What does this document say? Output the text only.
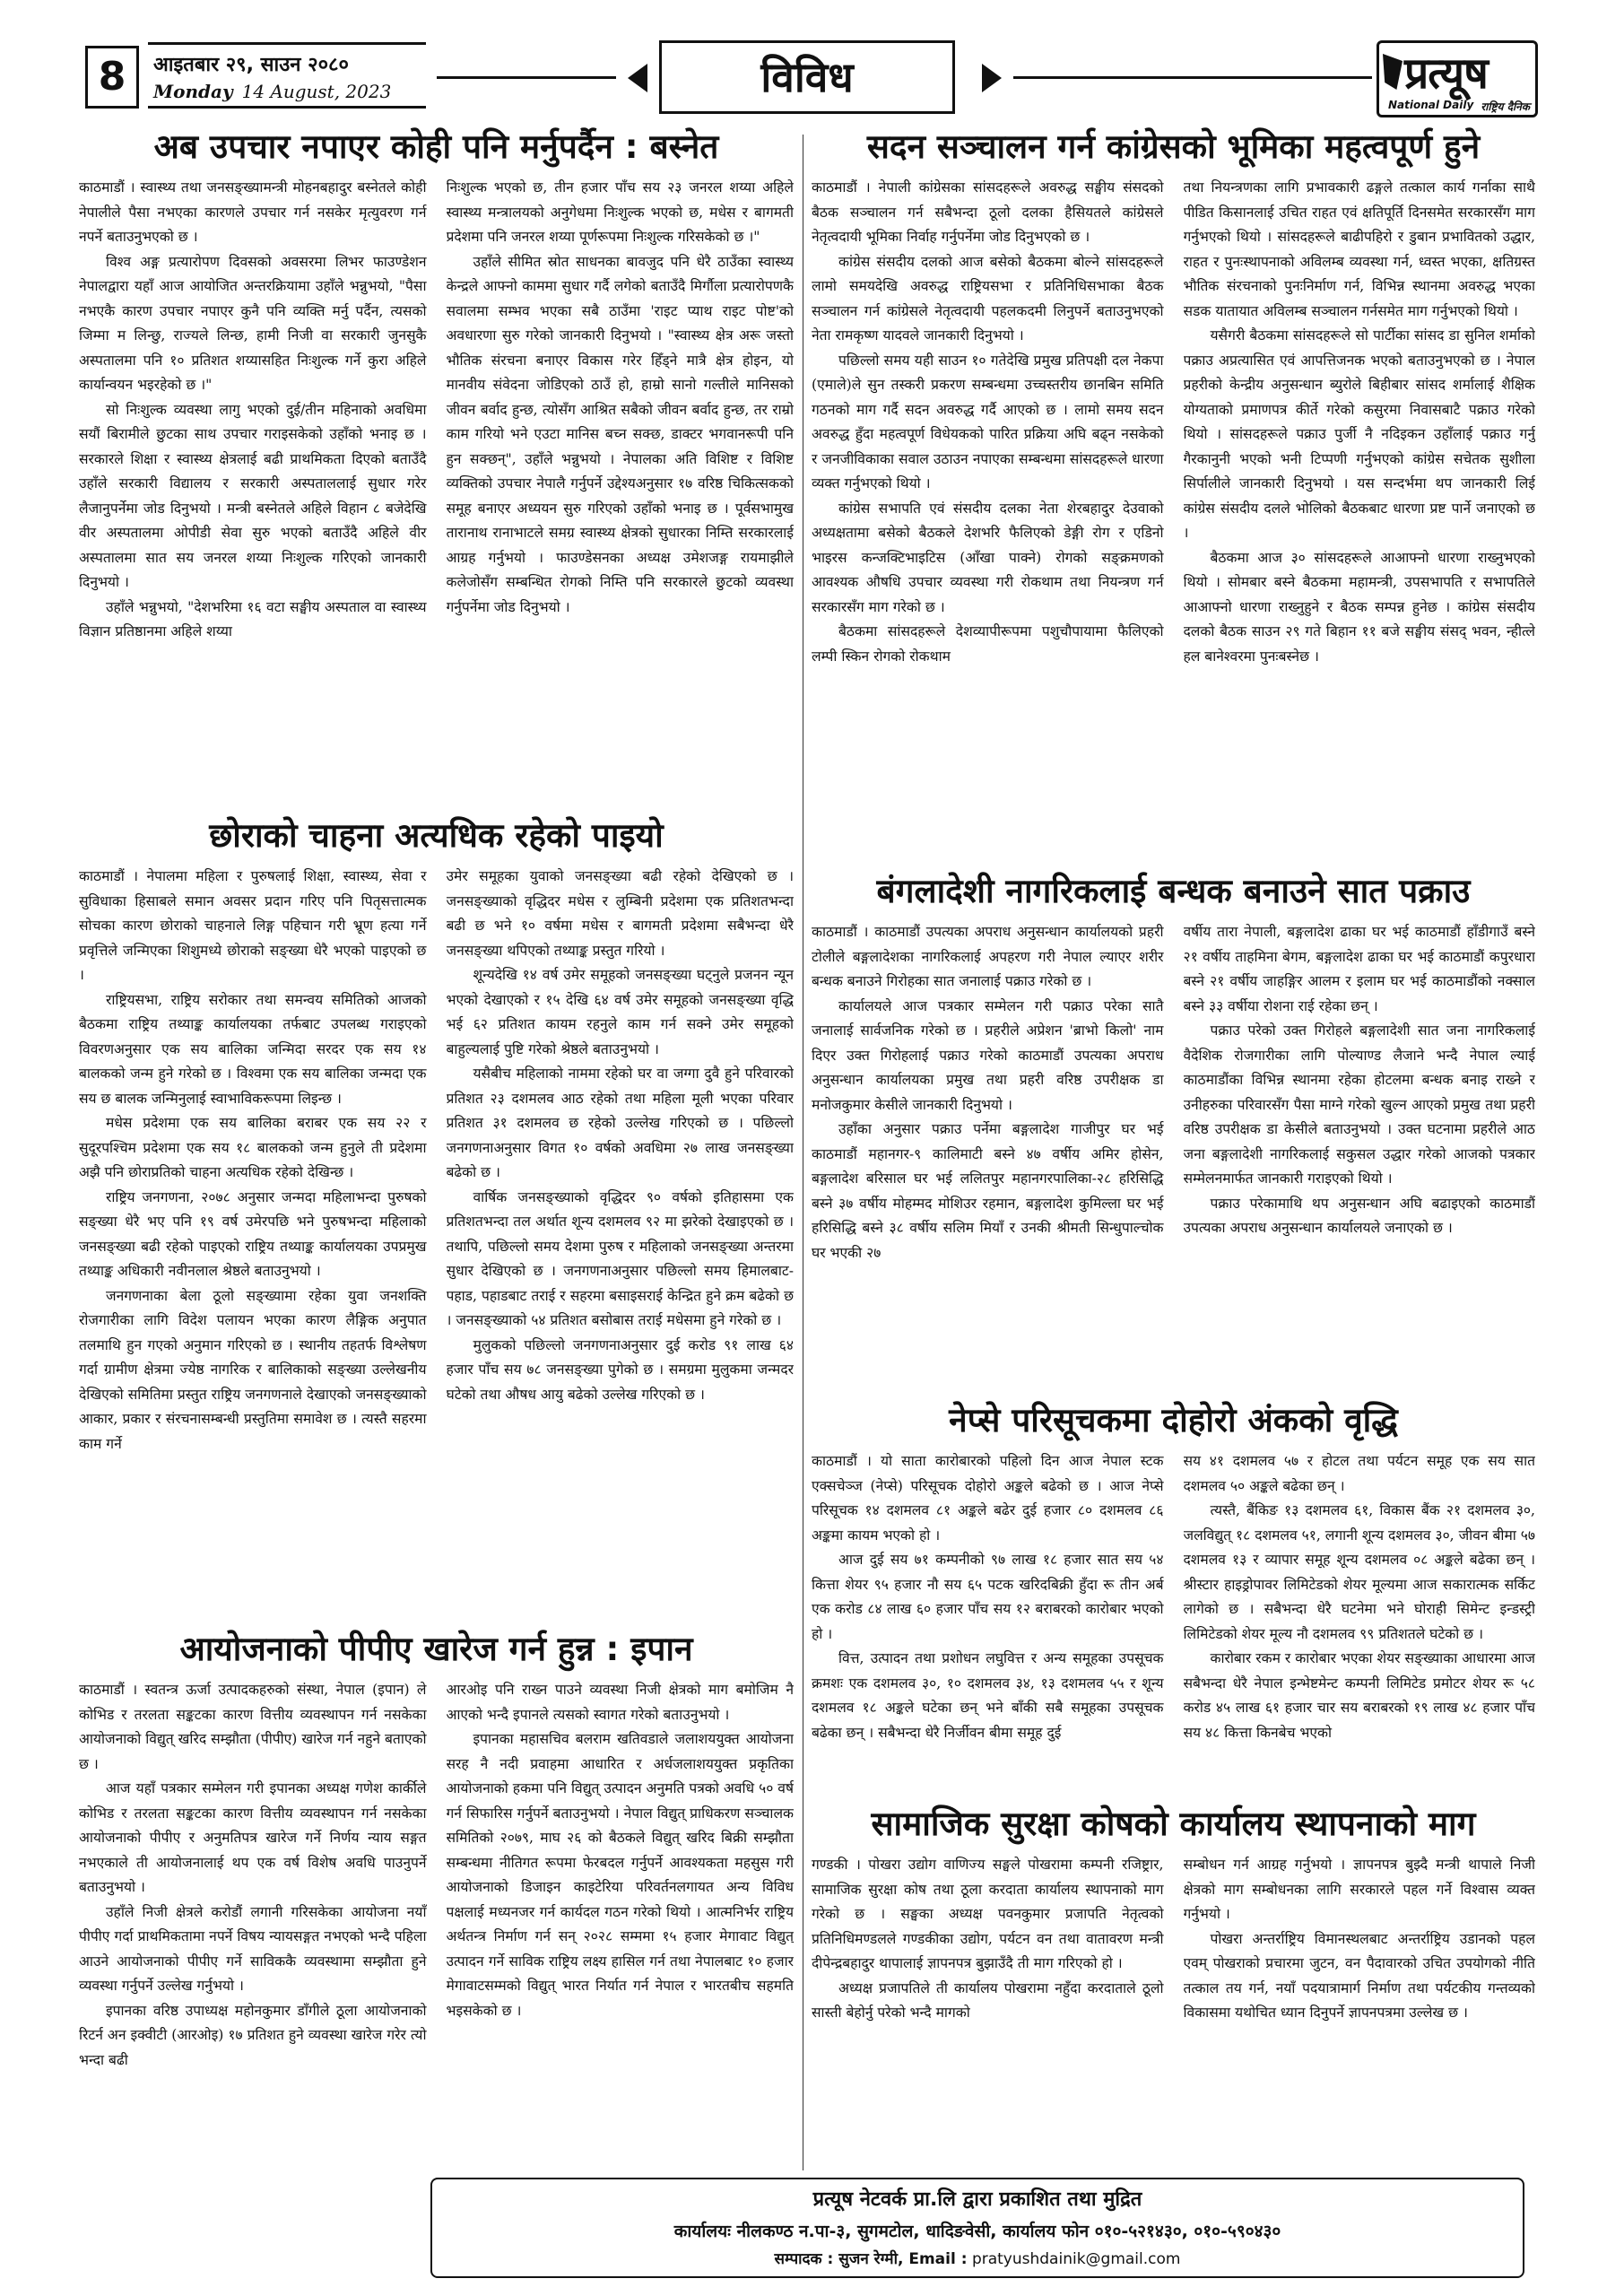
8	आइतबार २९, साउन २०८०
Monday 14 August, 2023	विविध	प्रत्यूष
National Daily राष्ट्रिय दैनिक
अब उपचार नपाएर कोही पनि मर्नुपर्दैन : बस्नेत

काठमाडौं । स्वास्थ्य तथा जनसङ्ख्यामन्त्री मोहनबहादुर बस्नेतले कोही नेपालीले पैसा नभएका कारणले उपचार गर्न नसकेर मृत्युवरण गर्न नपर्ने बताउनुभएको छ ।

विश्व अङ्ग प्रत्यारोपण दिवसको अवसरमा लिभर फाउण्डेशन नेपालद्वारा यहाँ आज आयोजित अन्तरक्रियामा उहाँले भन्नुभयो, "पैसा नभएकै कारण उपचार नपाएर कुनै पनि व्यक्ति मर्नु पर्दैन, त्यसको जिम्मा म लिन्छु, राज्यले लिन्छ, हामी निजी वा सरकारी जुनसुकै अस्पतालमा पनि १० प्रतिशत शय्यासहित निःशुल्क गर्ने कुरा अहिले कार्यान्वयन भइरहेको छ ।"

सो निःशुल्क व्यवस्था लागु भएको दुई/तीन महिनाको अवधिमा सयौं बिरामीले छुटका साथ उपचार गराइसकेको उहाँको भनाइ छ । सरकारले शिक्षा र स्वास्थ्य क्षेत्रलाई बढी प्राथमिकता दिएको बताउँदै उहाँले सरकारी विद्यालय र सरकारी अस्पताललाई सुधार गरेर लैजानुपर्नेमा जोड दिनुभयो । मन्त्री बस्नेतले अहिले विहान ८ बजेदेखि वीर अस्पतालमा ओपीडी सेवा सुरु भएको बताउँदै अहिले वीर अस्पतालमा सात सय जनरल शय्या निःशुल्क गरिएको जानकारी दिनुभयो ।

उहाँले भन्नुभयो, "देशभरिमा १६ वटा सङ्घीय अस्पताल वा स्वास्थ्य विज्ञान प्रतिष्ठानमा अहिले शय्या

निःशुल्क भएको छ, तीन हजार पाँच सय २३ जनरल शय्या अहिले स्वास्थ्य मन्त्रालयको अनुगेधमा निःशुल्क भएको छ, मधेस र बागमती प्रदेशमा पनि जनरल शय्या पूर्णरूपमा निःशुल्क गरिसकेको छ ।"

उहाँले सीमित स्रोत साधनका बावजुद पनि धेरै ठाउँका स्वास्थ्य केन्द्रले आफ्नो काममा सुधार गर्दै लगेको बताउँदै मिर्गौला प्रत्यारोपणकै सवालमा सम्भव भएका सबै ठाउँमा 'राइट प्याथ राइट पोष्ट'को अवधारणा सुरु गरेको जानकारी दिनुभयो । "स्वास्थ्य क्षेत्र अरू जस्तो भौतिक संरचना बनाएर विकास गरेर हिँड्ने मात्रै क्षेत्र होइन, यो मानवीय संवेदना जोडिएको ठाउँ हो, हाम्रो सानो गल्तीले मानिसको जीवन बर्वाद हुन्छ, त्योसँग आश्रित सबैको जीवन बर्वाद हुन्छ, तर राम्रो काम गरियो भने एउटा मानिस बच्न सक्छ, डाक्टर भगवानरूपी पनि हुन सक्छन्", उहाँले भन्नुभयो । नेपालका अति विशिष्ट र विशिष्ट व्यक्तिको उपचार नेपालै गर्नुपर्ने उद्देश्यअनुसार १७ वरिष्ठ चिकित्सकको समूह बनाएर अध्ययन सुरु गरिएको उहाँको भनाइ छ । पूर्वसभामुख तारानाथ रानाभाटले समग्र स्वास्थ्य क्षेत्रको सुधारका निम्ति सरकारलाई आग्रह गर्नुभयो । फाउण्डेसनका अध्यक्ष उमेशजङ्ग रायमाझीले कलेजोसँग सम्बन्धित रोगको निम्ति पनि सरकारले छुटको व्यवस्था गर्नुपर्नेमा जोड दिनुभयो ।

छोराको चाहना अत्यधिक रहेको पाइयो

काठमाडौं । नेपालमा महिला र पुरुषलाई शिक्षा, स्वास्थ्य, सेवा र सुविधाका हिसाबले समान अवसर प्रदान गरिए पनि पितृसत्तात्मक सोचका कारण छोराको चाहनाले लिङ्ग पहिचान गरी भ्रूण हत्या गर्ने प्रवृत्तिले जन्मिएका शिशुमध्ये छोराको सङ्ख्या धेरै भएको पाइएको छ ।

राष्ट्रियसभा, राष्ट्रिय सरोकार तथा समन्वय समितिको आजको बैठकमा राष्ट्रिय तथ्याङ्क कार्यालयका तर्फबाट उपलब्ध गराइएको विवरणअनुसार एक सय बालिका जन्मिदा सरदर एक सय १४ बालकको जन्म हुने गरेको छ । विश्वमा एक सय बालिका जन्मदा एक सय छ बालक जन्मिनुलाई स्वाभाविकरूपमा लिइन्छ ।

मधेस प्रदेशमा एक सय बालिका बराबर एक सय २२ र सुदूरपश्चिम प्रदेशमा एक सय १८ बालकको जन्म हुनुले ती प्रदेशमा अझै पनि छोराप्रतिको चाहना अत्यधिक रहेको देखिन्छ ।

राष्ट्रिय जनगणना, २०७८ अनुसार जन्मदा महिलाभन्दा पुरुषको सङ्ख्या धेरै भए पनि १९ वर्ष उमेरपछि भने पुरुषभन्दा महिलाको जनसङ्ख्या बढी रहेको पाइएको राष्ट्रिय तथ्याङ्क कार्यालयका उपप्रमुख तथ्याङ्क अधिकारी नवीनलाल श्रेष्ठले बताउनुभयो ।

जनगणनाका बेला ठूलो सङ्ख्यामा रहेका युवा जनशक्ति रोजगारीका लागि विदेश पलायन भएका कारण लैङ्गिक अनुपात तलमाथि हुन गएको अनुमान गरिएको छ । स्थानीय तहतर्फ विश्लेषण गर्दा ग्रामीण क्षेत्रमा ज्येष्ठ नागरिक र बालिकाको सङ्ख्या उल्लेखनीय देखिएको समितिमा प्रस्तुत राष्ट्रिय जनगणनाले देखाएको जनसङ्ख्याको आकार, प्रकार र संरचनासम्बन्धी प्रस्तुतिमा समावेश छ । त्यस्तै सहरमा काम गर्ने

उमेर समूहका युवाको जनसङ्ख्या बढी रहेको देखिएको छ । जनसङ्ख्याको वृद्धिदर मधेस र लुम्बिनी प्रदेशमा एक प्रतिशतभन्दा बढी छ भने १० वर्षमा मधेस र बागमती प्रदेशमा सबैभन्दा धेरै जनसङ्ख्या थपिएको तथ्याङ्क प्रस्तुत गरियो ।

शून्यदेखि १४ वर्ष उमेर समूहको जनसङ्ख्या घट्नुले प्रजनन न्यून भएको देखाएको र १५ देखि ६४ वर्ष उमेर समूहको जनसङ्ख्या वृद्धि भई ६२ प्रतिशत कायम रहनुले काम गर्न सक्ने उमेर समूहको बाहुल्यलाई पुष्टि गरेको श्रेष्ठले बताउनुभयो ।

यसैबीच महिलाको नाममा रहेको घर वा जग्गा दुवै हुने परिवारको प्रतिशत २३ दशमलव आठ रहेको तथा महिला मूली भएका परिवार प्रतिशत ३१ दशमलव छ रहेको उल्लेख गरिएको छ । पछिल्लो जनगणनाअनुसार विगत १० वर्षको अवधिमा २७ लाख जनसङ्ख्या बढेको छ ।

वार्षिक जनसङ्ख्याको वृद्धिदर ९० वर्षको इतिहासमा एक प्रतिशतभन्दा तल अर्थात शून्य दशमलव ९२ मा झरेको देखाइएको छ । तथापि, पछिल्लो समय देशमा पुरुष र महिलाको जनसङ्ख्या अन्तरमा सुधार देखिएको छ । जनगणनाअनुसार पछिल्लो समय हिमालबाट-पहाड, पहाडबाट तराई र सहरमा बसाइसराई केन्द्रित हुने क्रम बढेको छ । जनसङ्ख्याको ५४ प्रतिशत बसोबास तराई मधेसमा हुने गरेको छ ।

मुलुकको पछिल्लो जनगणनाअनुसार दुई करोड ९१ लाख ६४ हजार पाँच सय ७८ जनसङ्ख्या पुगेको छ । समग्रमा मुलुकमा जन्मदर घटेको तथा औषध आयु बढेको उल्लेख गरिएको छ ।

आयोजनाको पीपीए खारेज गर्न हुन्न : इपान

काठमाडौं । स्वतन्त्र ऊर्जा उत्पादकहरुको संस्था, नेपाल (इपान) ले कोभिड र तरलता सङ्कटका कारण वित्तीय व्यवस्थापन गर्न नसकेका आयोजनाको विद्युत् खरिद सम्झौता (पीपीए) खारेज गर्न नहुने बताएको छ ।

आज यहाँ पत्रकार सम्मेलन गरी इपानका अध्यक्ष गणेश कार्कीले कोभिड र तरलता सङ्कटका कारण वित्तीय व्यवस्थापन गर्न नसकेका आयोजनाको पीपीए र अनुमतिपत्र खारेज गर्ने निर्णय न्याय सङ्गत नभएकाले ती आयोजनालाई थप एक वर्ष विशेष अवधि पाउनुपर्ने बताउनुभयो ।

उहाँले निजी क्षेत्रले करोडौं लगानी गरिसकेका आयोजना नयाँ पीपीए गर्दा प्राथमिकतामा नपर्ने विषय न्यायसङ्गत नभएको भन्दै पहिला आउने आयोजनाको पीपीए गर्ने साविककै व्यवस्थामा सम्झौता हुने व्यवस्था गर्नुपर्ने उल्लेख गर्नुभयो ।

इपानका वरिष्ठ उपाध्यक्ष महोनकुमार डाँगीले ठूला आयोजनाको रिटर्न अन इक्वीटी (आरओइ) १७ प्रतिशत हुने व्यवस्था खारेज गरेर त्यो भन्दा बढी

आरओइ पनि राख्न पाउने व्यवस्था निजी क्षेत्रको माग बमोजिम नै आएको भन्दै इपानले त्यसको स्वागत गरेको बताउनुभयो ।

इपानका महासचिव बलराम खतिवडाले जलाशययुक्त आयोजना सरह नै नदी प्रवाहमा आधारित र अर्धजलाशययुक्त प्रकृतिका आयोजनाको हकमा पनि विद्युत् उत्पादन अनुमति पत्रको अवधि ५० वर्ष गर्न सिफारिस गर्नुपर्ने बताउनुभयो । नेपाल विद्युत् प्राधिकरण सञ्चालक समितिको २०७९, माघ २६ को बैठकले विद्युत् खरिद बिक्री सम्झौता सम्बन्धमा नीतिगत रूपमा फेरबदल गर्नुपर्ने आवश्यकता महसुस गरी आयोजनाको डिजाइन काइटेरिया परिवर्तनलगायत अन्य विविध पक्षलाई मध्यनजर गर्न कार्यदल गठन गरेको थियो । आत्मनिर्भर राष्ट्रिय अर्थतन्त्र निर्माण गर्न सन् २०२८ सम्ममा १५ हजार मेगावाट विद्युत् उत्पादन गर्ने साविक राष्ट्रिय लक्ष्य हासिल गर्न तथा नेपालबाट १० हजार मेगावाटसम्मको विद्युत् भारत निर्यात गर्न नेपाल र भारतबीच सहमति भइसकेको छ ।

सदन सञ्चालन गर्न कांग्रेसको भूमिका महत्वपूर्ण हुने

काठमाडौं । नेपाली कांग्रेसका सांसदहरूले अवरुद्ध सङ्घीय संसदको बैठक सञ्चालन गर्न सबैभन्दा ठूलो दलका हैसियतले कांग्रेसले नेतृत्वदायी भूमिका निर्वाह गर्नुपर्नेमा जोड दिनुभएको छ ।

कांग्रेस संसदीय दलको आज बसेको बैठकमा बोल्ने सांसदहरूले लामो समयदेखि अवरुद्ध राष्ट्रियसभा र प्रतिनिधिसभाका बैठक सञ्चालन गर्न कांग्रेसले नेतृत्वदायी पहलकदमी लिनुपर्ने बताउनुभएको नेता रामकृष्ण यादवले जानकारी दिनुभयो ।

पछिल्लो समय यही साउन १० गतेदेखि प्रमुख प्रतिपक्षी दल नेकपा (एमाले)ले सुन तस्करी प्रकरण सम्बन्धमा उच्चस्तरीय छानबिन समिति गठनको माग गर्दै सदन अवरुद्ध गर्दै आएको छ । लामो समय सदन अवरुद्ध हुँदा महत्वपूर्ण विधेयकको पारित प्रक्रिया अघि बढ्न नसकेको र जनजीविकाका सवाल उठाउन नपाएका सम्बन्धमा सांसदहरूले धारणा व्यक्त गर्नुभएको थियो ।

कांग्रेस सभापति एवं संसदीय दलका नेता शेरबहादुर देउवाको अध्यक्षतामा बसेको बैठकले देशभरि फैलिएको डेङ्गी रोग र एडिनो भाइरस कन्जक्टिभाइटिस (आँखा पाक्ने) रोगको सङ्क्रमणको आवश्यक औषधि उपचार व्यवस्था गरी रोकथाम तथा नियन्त्रण गर्न सरकारसँग माग गरेको छ ।

बैठकमा सांसदहरूले देशव्यापीरूपमा पशुचौपायामा फैलिएको लम्पी स्किन रोगको रोकथाम

तथा नियन्त्रणका लागि प्रभावकारी ढङ्गले तत्काल कार्य गर्नाका साथै पीडित किसानलाई उचित राहत एवं क्षतिपूर्ति दिनसमेत सरकारसँग माग गर्नुभएको थियो । सांसदहरूले बाढीपहिरो र डुबान प्रभावितको उद्धार, राहत र पुनःस्थापनाको अविलम्ब व्यवस्था गर्न, ध्वस्त भएका, क्षतिग्रस्त भौतिक संरचनाको पुनःनिर्माण गर्न, विभिन्न स्थानमा अवरुद्ध भएका सडक यातायात अविलम्ब सञ्चालन गर्नसमेत माग गर्नुभएको थियो ।

यसैगरी बैठकमा सांसदहरूले सो पार्टीका सांसद डा सुनिल शर्माको पक्राउ अप्रत्यासित एवं आपत्तिजनक भएको बताउनुभएको छ । नेपाल प्रहरीको केन्द्रीय अनुसन्धान ब्युरोले बिहीबार सांसद शर्मालाई शैक्षिक योग्यताको प्रमाणपत्र कीर्ते गरेको कसुरमा निवासबाटै पक्राउ गरेको थियो । सांसदहरूले पक्राउ पुर्जी नै नदिइकन उहाँलाई पक्राउ गर्नु गैरकानुनी भएको भनी टिप्पणी गर्नुभएको कांग्रेस सचेतक सुशीला सिर्पालीले जानकारी दिनुभयो । यस सन्दर्भमा थप जानकारी लिई कांग्रेस संसदीय दलले भोलिको बैठकबाट धारणा प्रष्ट पार्ने जनाएको छ ।

बैठकमा आज ३० सांसदहरूले आआफ्नो धारणा राख्नुभएको थियो । सोमबार बस्ने बैठकमा महामन्त्री, उपसभापति र सभापतिले आआफ्नो धारणा राख्नुहुने र बैठक सम्पन्न हुनेछ । कांग्रेस संसदीय दलको बैठक साउन २९ गते बिहान ११ बजे सङ्घीय संसद् भवन, न्हीत्ले हल बानेश्वरमा पुनःबस्नेछ ।

बंगलादेशी नागरिकलाई बन्धक बनाउने सात पक्राउ

काठमाडौं । काठमाडौं उपत्यका अपराध अनुसन्धान कार्यालयको प्रहरी टोलीले बङ्गलादेशका नागरिकलाई अपहरण गरी नेपाल ल्याएर शरीर बन्धक बनाउने गिरोहका सात जनालाई पक्राउ गरेको छ ।

कार्यालयले आज पत्रकार सम्मेलन गरी पक्राउ परेका सातै जनालाई सार्वजनिक गरेको छ । प्रहरीले अप्रेशन 'ब्राभो किलो' नाम दिएर उक्त गिरोहलाई पक्राउ गरेको काठमाडौं उपत्यका अपराध अनुसन्धान कार्यालयका प्रमुख तथा प्रहरी वरिष्ठ उपरीक्षक डा मनोजकुमार केसीले जानकारी दिनुभयो ।

उहाँका अनुसार पक्राउ पर्नेमा बङ्गलादेश गाजीपुर घर भई काठमाडौं महानगर-९ कालिमाटी बस्ने ४७ वर्षीय अमिर होसेन, बङ्गलादेश बरिसाल घर भई ललितपुर महानगरपालिका-२८ हरिसिद्धि बस्ने ३७ वर्षीय मोहम्मद मोशिउर रहमान, बङ्गलादेश कुमिल्ला घर भई हरिसिद्धि बस्ने ३८ वर्षीय सलिम मियाँ र उनकी श्रीमती सिन्धुपाल्चोक घर भएकी २७

वर्षीय तारा नेपाली, बङ्गलादेश ढाका घर भई काठमाडौं हाँडीगाउँ बस्ने २१ वर्षीय ताहमिना बेगम, बङ्गलादेश ढाका घर भई काठमाडौं कपुरधारा बस्ने २१ वर्षीय जाहङ्गिर आलम र इलाम घर भई काठमाडौंको नक्साल बस्ने ३३ वर्षीया रोशना राई रहेका छन् ।

पक्राउ परेको उक्त गिरोहले बङ्गलादेशी सात जना नागरिकलाई वैदेशिक रोजगारीका लागि पोल्याण्ड लैजाने भन्दै नेपाल ल्याई काठमाडौंका विभिन्न स्थानमा रहेका होटलमा बन्धक बनाइ राख्ने र उनीहरुका परिवारसँग पैसा माग्ने गरेको खुल्न आएको प्रमुख तथा प्रहरी वरिष्ठ उपरीक्षक डा केसीले बताउनुभयो । उक्त घटनामा प्रहरीले आठ जना बङ्गलादेशी नागरिकलाई सकुसल उद्धार गरेको आजको पत्रकार सम्मेलनमार्फत जानकारी गराइएको थियो ।

पक्राउ परेकामाथि थप अनुसन्धान अघि बढाइएको काठमाडौं उपत्यका अपराध अनुसन्धान कार्यालयले जनाएको छ ।

नेप्से परिसूचकमा दोहोरो अंकको वृद्धि

काठमाडौं । यो साता कारोबारको पहिलो दिन आज नेपाल स्टक एक्सचेञ्ज (नेप्से) परिसूचक दोहोरो अङ्कले बढेको छ । आज नेप्से परिसूचक १४ दशमलव ८१ अङ्कले बढेर दुई हजार ८० दशमलव ८६ अङ्कमा कायम भएको हो ।

आज दुई सय ७१ कम्पनीको ९७ लाख १८ हजार सात सय ५४ कित्ता शेयर ९५ हजार नौ सय ६५ पटक खरिदबिक्री हुँदा रू तीन अर्ब एक करोड ८४ लाख ६० हजार पाँच सय १२ बराबरको कारोबार भएको हो ।

वित्त, उत्पादन तथा प्रशोधन लघुवित्त र अन्य समूहका उपसूचक क्रमशः एक दशमलव ३०, १० दशमलव ३४, १३ दशमलव ५५ र शून्य दशमलव १८ अङ्कले घटेका छन् भने बाँकी सबै समूहका उपसूचक बढेका छन् । सबैभन्दा धेरै निर्जीवन बीमा समूह दुई

सय ४१ दशमलव ५७ र होटल तथा पर्यटन समूह एक सय सात दशमलव ५० अङ्कले बढेका छन् ।

त्यस्तै, बैंकिङ १३ दशमलव ६१, विकास बैंक २१ दशमलव ३०, जलविद्युत् १८ दशमलव ५१, लगानी शून्य दशमलव ३०, जीवन बीमा ५७ दशमलव १३ र व्यापार समूह शून्य दशमलव ०८ अङ्कले बढेका छन् । श्रीस्टार हाइड्रोपावर लिमिटेडको शेयर मूल्यमा आज सकारात्मक सर्किट लागेको छ । सबैभन्दा धेरै घटनेमा भने घोराही सिमेन्ट इन्डस्ट्री लिमिटेडको शेयर मूल्य नौ दशमलव ९९ प्रतिशतले घटेको छ ।

कारोबार रकम र कारोबार भएका शेयर सङ्ख्याका आधारमा आज सबैभन्दा धेरै नेपाल इन्भेष्टमेन्ट कम्पनी लिमिटेड प्रमोटर शेयर रू ५८ करोड ४५ लाख ६१ हजार चार सय बराबरको १९ लाख ४८ हजार पाँच सय ४८ कित्ता किनबेच भएको

सामाजिक सुरक्षा कोषको कार्यालय स्थापनाको माग

गण्डकी । पोखरा उद्योग वाणिज्य सङ्घले पोखरामा कम्पनी रजिष्ट्रार, सामाजिक सुरक्षा कोष तथा ठूला करदाता कार्यालय स्थापनाको माग गरेको छ । सङ्घका अध्यक्ष पवनकुमार प्रजापति नेतृत्वको प्रतिनिधिमण्डलले गण्डकीका उद्योग, पर्यटन वन तथा वातावरण मन्त्री दीपेन्द्रबहादुर थापालाई ज्ञापनपत्र बुझाउँदै ती माग गरिएको हो ।

अध्यक्ष प्रजापतिले ती कार्यालय पोखरामा नहुँदा करदाताले ठूलो सास्ती बेहोर्नु परेको भन्दै मागको

सम्बोधन गर्न आग्रह गर्नुभयो । ज्ञापनपत्र बुझ्दै मन्त्री थापाले निजी क्षेत्रको माग सम्बोधनका लागि सरकारले पहल गर्ने विश्वास व्यक्त गर्नुभयो ।

पोखरा अन्तर्राष्ट्रिय विमानस्थलबाट अन्तर्राष्ट्रिय उडानको पहल एवम् पोखराको प्रचारमा जुटन, वन पैदावारको उचित उपयोगको नीति तत्काल तय गर्न, नयाँ पदयात्रामार्ग निर्माण तथा पर्यटकीय गन्तव्यको विकासमा यथोचित ध्यान दिनुपर्ने ज्ञापनपत्रमा उल्लेख छ ।

प्रत्यूष नेटवर्क प्रा.लि द्वारा प्रकाशित तथा मुद्रित
कार्यालयः नीलकण्ठ न.पा-३, सुगमटोल, धादिङवेसी, कार्यालय फोन ०१०-५२१४३०, ०१०-५९०४३०
सम्पादक : सुजन रेग्मी, Email : pratyushdainik@gmail.com
